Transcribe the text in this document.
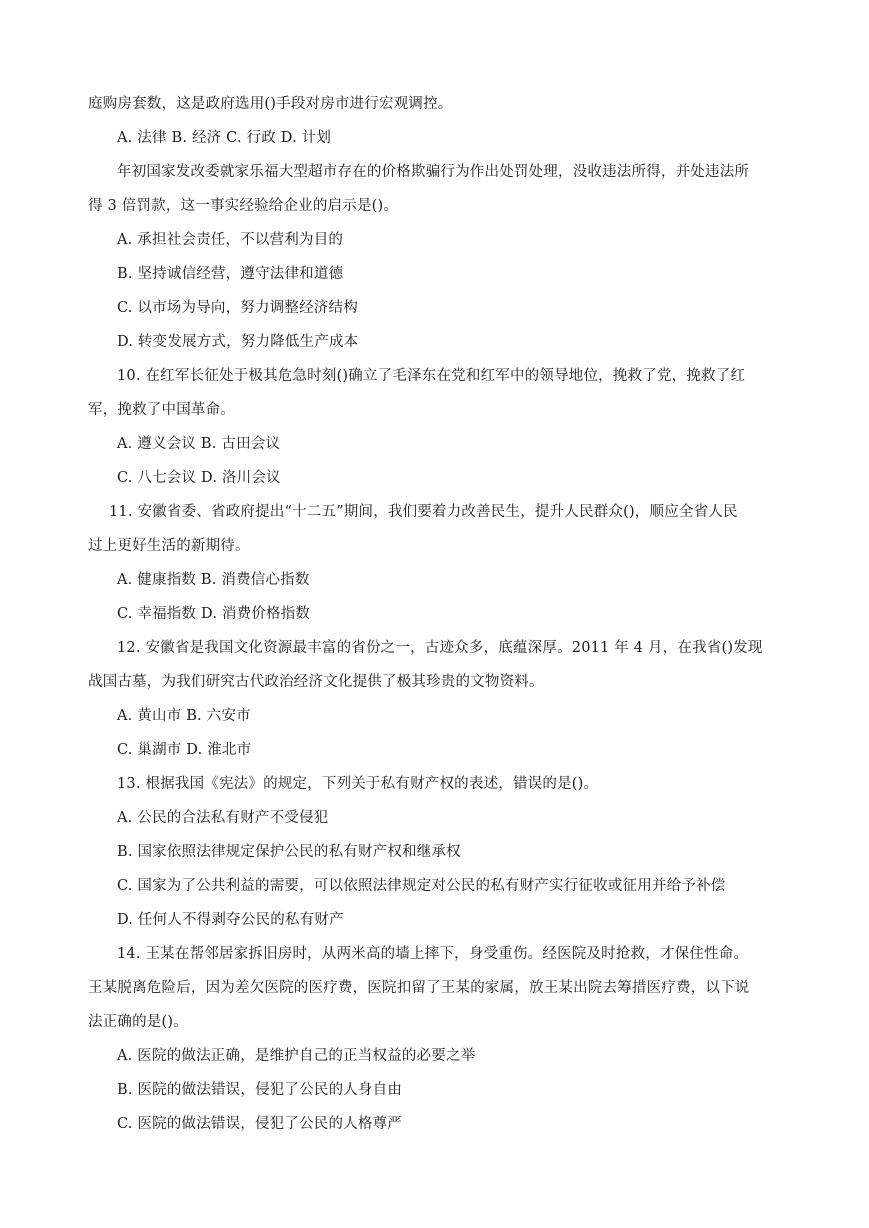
庭购房套数，这是政府选用()手段对房市进行宏观调控。
A. 法律 B. 经济 C. 行政 D. 计划
年初国家发改委就家乐福大型超市存在的价格欺骗行为作出处罚处理，没收违法所得，并处违法所
得 3 倍罚款，这一事实经验给企业的启示是()。
A. 承担社会责任，不以营利为目的
B. 坚持诚信经营，遵守法律和道德
C. 以市场为导向，努力调整经济结构
D. 转变发展方式，努力降低生产成本
10. 在红军长征处于极其危急时刻()确立了毛泽东在党和红军中的领导地位，挽救了党，挽救了红
军，挽救了中国革命。
A. 遵义会议 B. 古田会议
C. 八七会议 D. 洛川会议
11. 安徽省委、省政府提出“十二五”期间，我们要着力改善民生，提升人民群众()，顺应全省人民
过上更好生活的新期待。
A. 健康指数 B. 消费信心指数
C. 幸福指数 D. 消费价格指数
12. 安徽省是我国文化资源最丰富的省份之一，古迹众多，底蕴深厚。2011 年 4 月，在我省()发现
战国古墓，为我们研究古代政治经济文化提供了极其珍贵的文物资料。
A. 黄山市 B. 六安市
C. 巢湖市 D. 淮北市
13. 根据我国《宪法》的规定，下列关于私有财产权的表述，错误的是()。
A. 公民的合法私有财产不受侵犯
B. 国家依照法律规定保护公民的私有财产权和继承权
C. 国家为了公共利益的需要，可以依照法律规定对公民的私有财产实行征收或征用并给予补偿
D. 任何人不得剥夺公民的私有财产
14. 王某在帮邻居家拆旧房时，从两米高的墙上摔下，身受重伤。经医院及时抢救，才保住性命。
王某脱离危险后，因为差欠医院的医疗费，医院扣留了王某的家属，放王某出院去筹措医疗费，以下说
法正确的是()。
A. 医院的做法正确，是维护自己的正当权益的必要之举
B. 医院的做法错误，侵犯了公民的人身自由
C. 医院的做法错误，侵犯了公民的人格尊严
